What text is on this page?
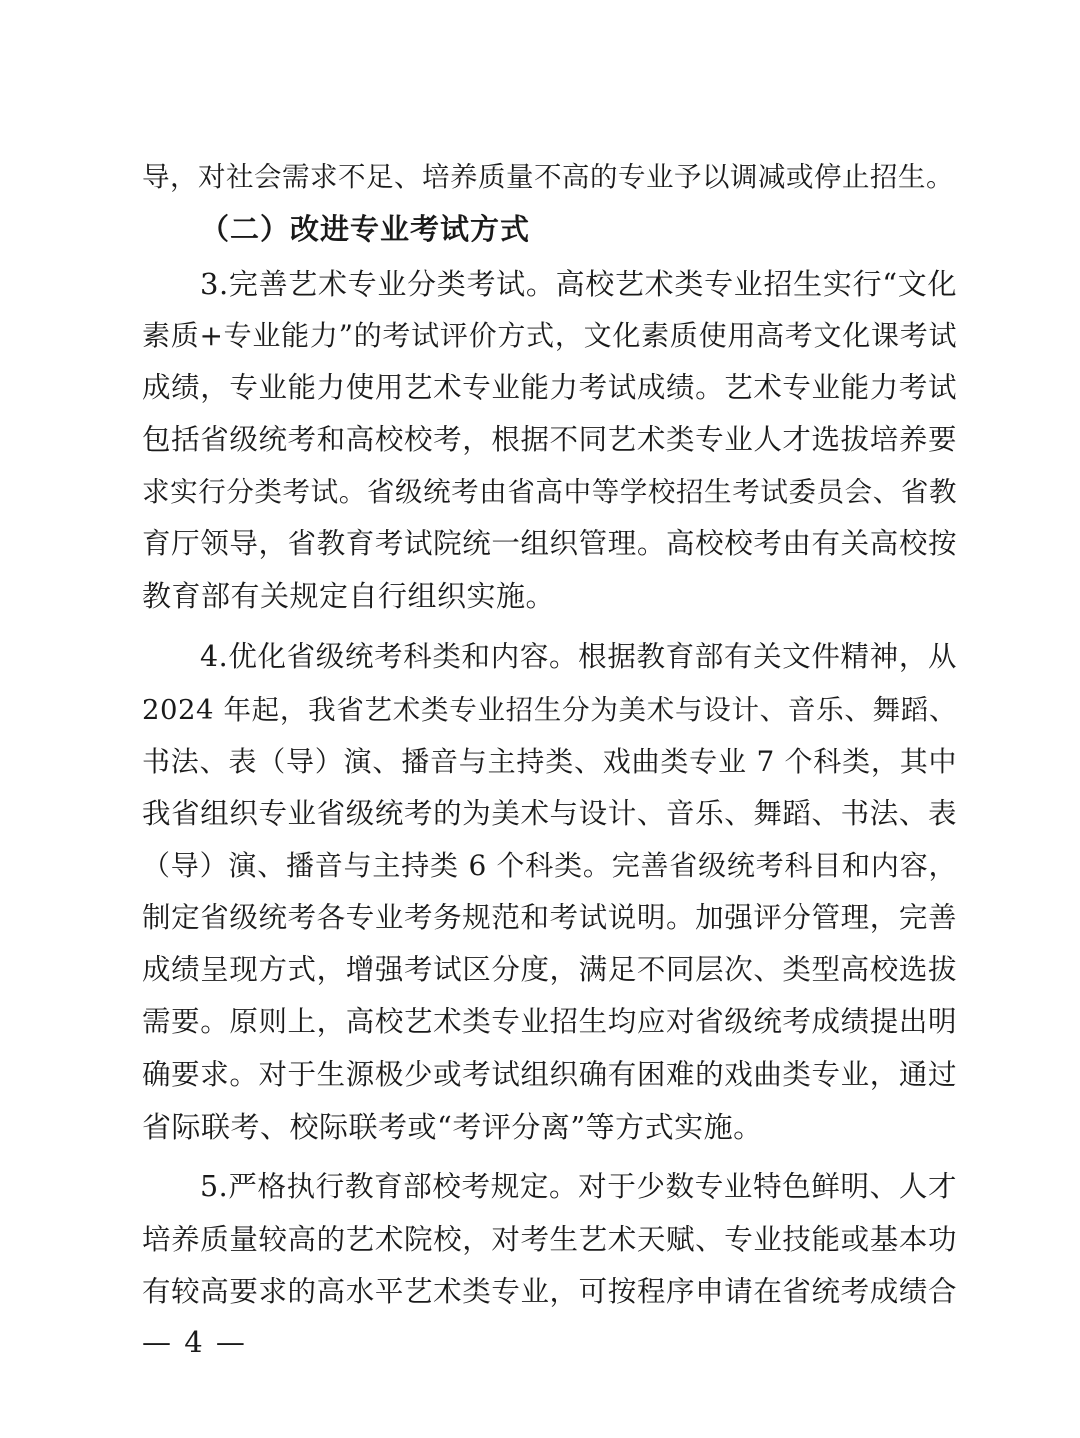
导，对社会需求不足、培养质量不高的专业予以调减或停止招生。
（二）改进专业考试方式
3.完善艺术专业分类考试。高校艺术类专业招生实行“文化
素质+专业能力”的考试评价方式，文化素质使用高考文化课考试
成绩，专业能力使用艺术专业能力考试成绩。艺术专业能力考试
包括省级统考和高校校考，根据不同艺术类专业人才选拔培养要
求实行分类考试。省级统考由省高中等学校招生考试委员会、省教
育厅领导，省教育考试院统一组织管理。高校校考由有关高校按
教育部有关规定自行组织实施。
4.优化省级统考科类和内容。根据教育部有关文件精神，从
2024 年起，我省艺术类专业招生分为美术与设计、音乐、舞蹈、
书法、表（导）演、播音与主持类、戏曲类专业 7 个科类，其中
我省组织专业省级统考的为美术与设计、音乐、舞蹈、书法、表
（导）演、播音与主持类 6 个科类。完善省级统考科目和内容，
制定省级统考各专业考务规范和考试说明。加强评分管理，完善
成绩呈现方式，增强考试区分度，满足不同层次、类型高校选拔
需要。原则上，高校艺术类专业招生均应对省级统考成绩提出明
确要求。对于生源极少或考试组织确有困难的戏曲类专业，通过
省际联考、校际联考或“考评分离”等方式实施。
5.严格执行教育部校考规定。对于少数专业特色鲜明、人才
培养质量较高的艺术院校，对考生艺术天赋、专业技能或基本功
有较高要求的高水平艺术类专业，可按程序申请在省统考成绩合
— 4 —
